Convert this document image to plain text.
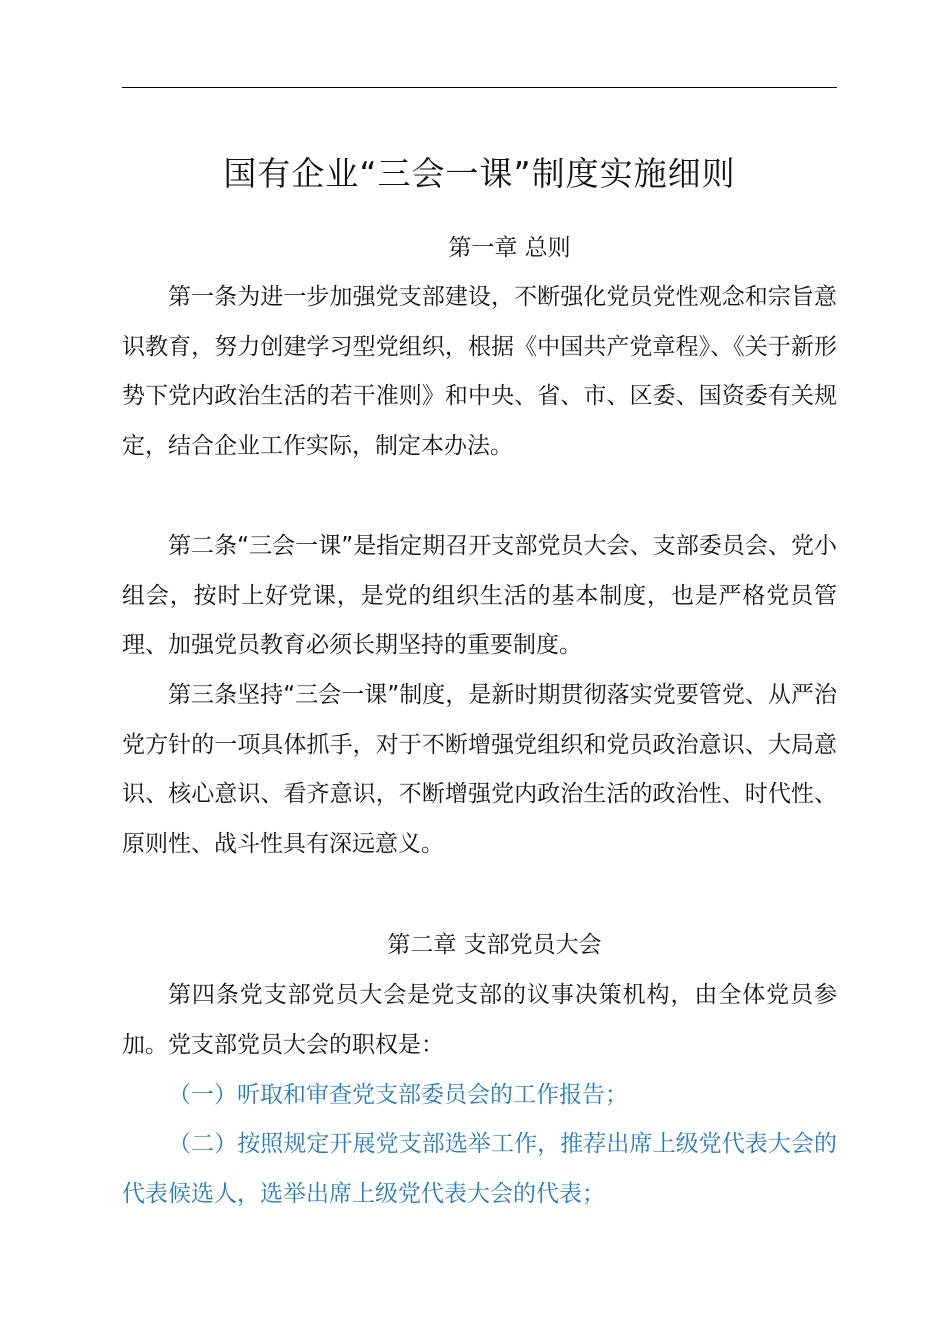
国有企业“三会一课”制度实施细则
第一章 总则

第一条为进一步加强党支部建设，不断强化党员党性观念和宗旨意识教育，努力创建学习型党组织，根据《中国共产党章程》、《关于新形势下党内政治生活的若干准则》和中央、省、市、区委、国资委有关规定，结合企业工作实际，制定本办法。

第二条“三会一课”是指定期召开支部党员大会、支部委员会、党小组会，按时上好党课，是党的组织生活的基本制度，也是严格党员管理、加强党员教育必须长期坚持的重要制度。

第三条坚持“三会一课”制度，是新时期贯彻落实党要管党、从严治党方针的一项具体抓手，对于不断增强党组织和党员政治意识、大局意识、核心意识、看齐意识，不断增强党内政治生活的政治性、时代性、原则性、战斗性具有深远意义。

第二章 支部党员大会

第四条党支部党员大会是党支部的议事决策机构，由全体党员参加。党支部党员大会的职权是：

（一）听取和审查党支部委员会的工作报告；

（二）按照规定开展党支部选举工作，推荐出席上级党代表大会的代表候选人，选举出席上级党代表大会的代表；
